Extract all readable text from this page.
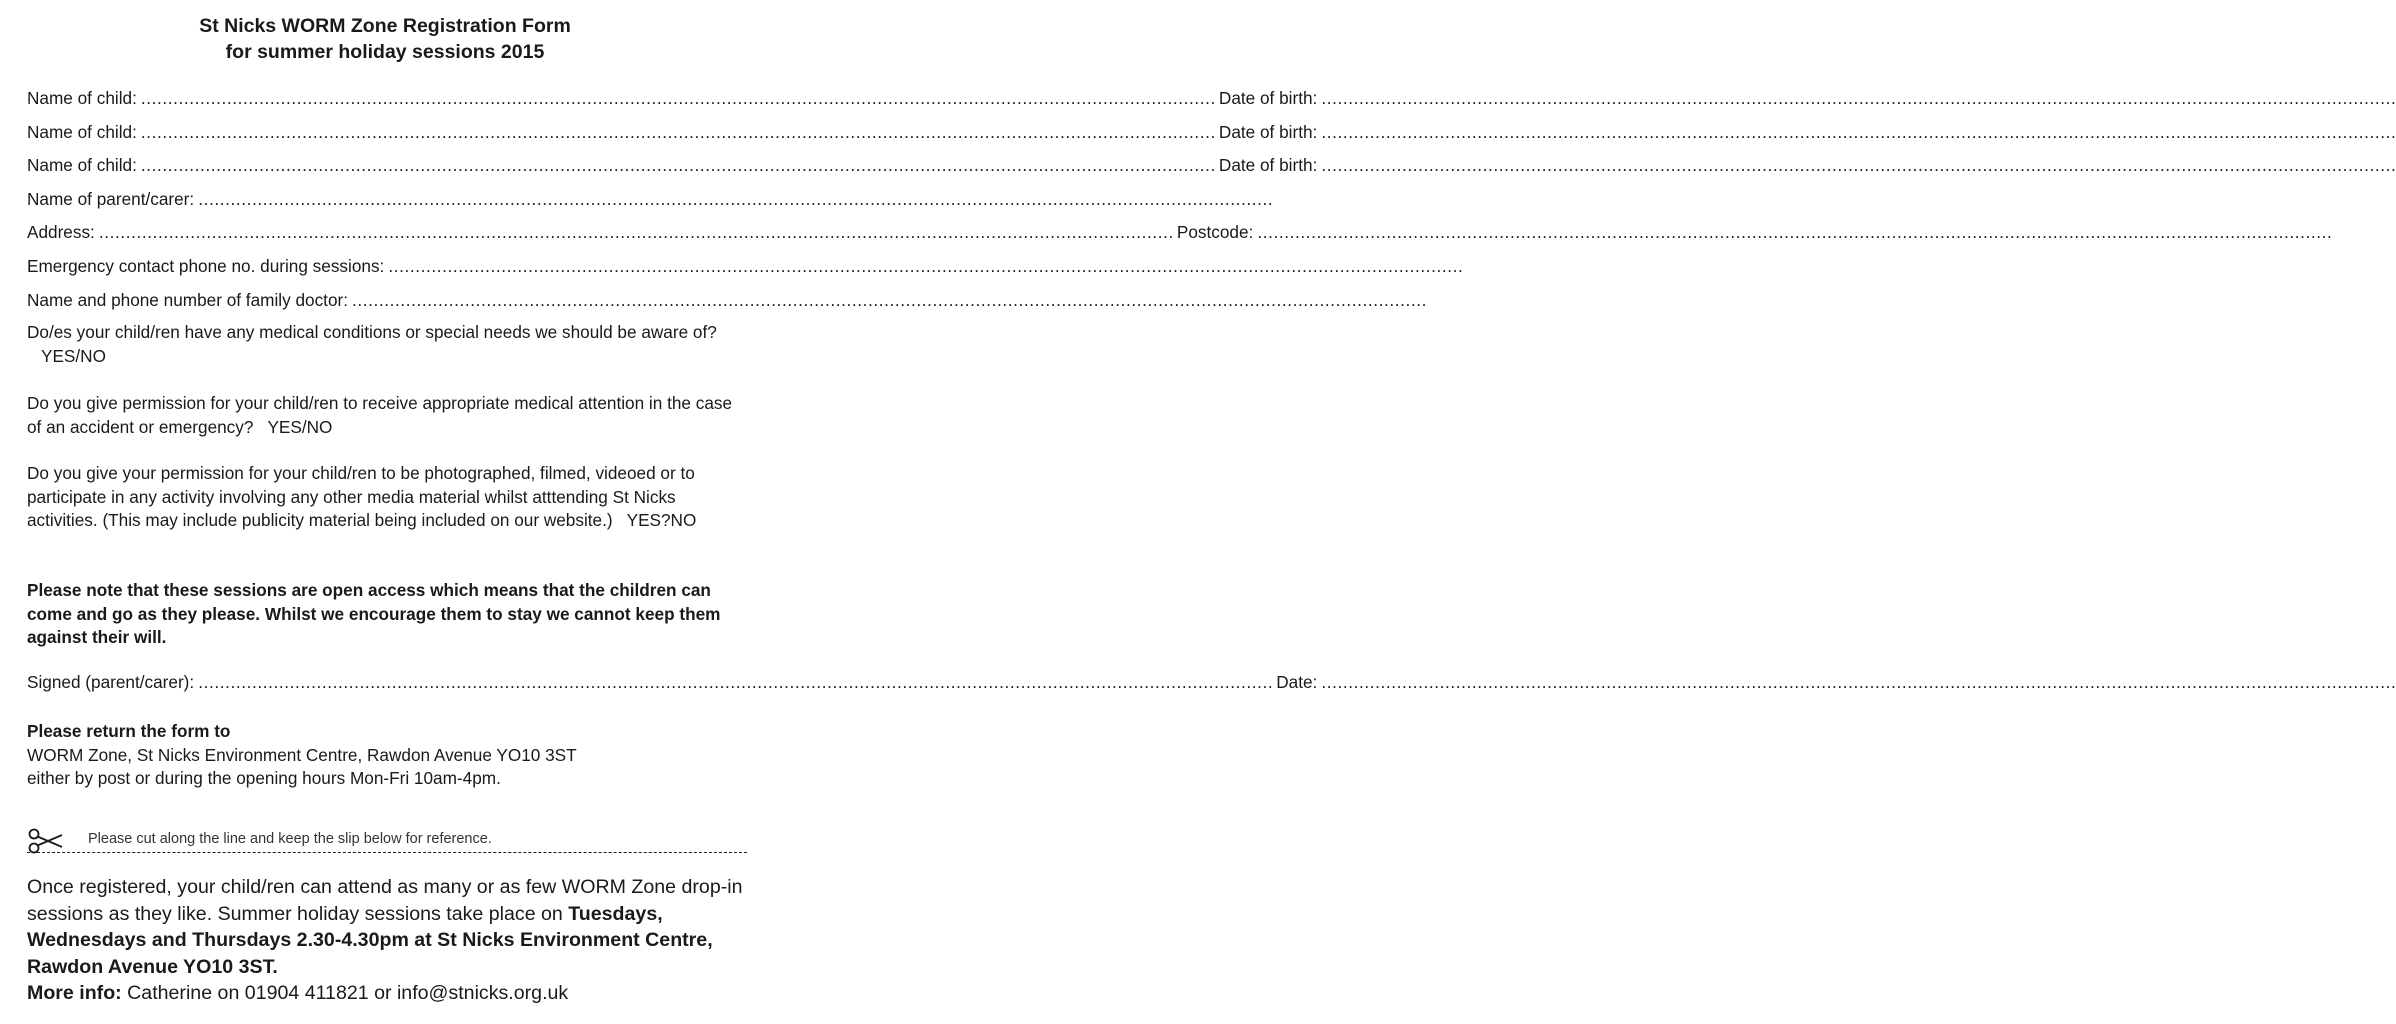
St Nicks WORM Zone Registration Form
for summer holiday sessions 2015
Name of child: ........................................................................................................................................................................................................ Date of birth: ........................................................................................................................................................................................................
Name of child: ........................................................................................................................................................................................................ Date of birth: ........................................................................................................................................................................................................
Name of child: ........................................................................................................................................................................................................ Date of birth: ........................................................................................................................................................................................................
Name of parent/carer: ........................................................................................................................................................................................................
Address: ........................................................................................................................................................................................................ Postcode: ........................................................................................................................................................................................................
Emergency contact phone no. during sessions: ........................................................................................................................................................................................................
Name and phone number of family doctor: ........................................................................................................................................................................................................
Do/es your child/ren have any medical conditions or special needs we should be aware of?YES/NO
Do you give permission for your child/ren to receive appropriate medical attention in the case of an accident or emergency? YES/NO
Do you give your permission for your child/ren to be photographed, filmed, videoed or to participate in any activity involving any other media material whilst atttending St Nicks activities. (This may include publicity material being included on our website.) YES?NO
Please note that these sessions are open access which means that the children can come and go as they please. Whilst we encourage them to stay we cannot keep them against their will.
Signed (parent/carer): ........................................................................................................................................................................................................ Date: ........................................................................................................................................................................................................
Please return the form to
WORM Zone, St Nicks Environment Centre, Rawdon Avenue YO10 3ST
either by post or during the opening hours Mon-Fri 10am-4pm.
Please cut along the line and keep the slip below for reference.
Once registered, your child/ren can attend as many or as few WORM Zone drop-in sessions as they like. Summer holiday sessions take place on Tuesdays, Wednesdays and Thursdays 2.30-4.30pm at St Nicks Environment Centre, Rawdon Avenue YO10 3ST.
More info: Catherine on 01904 411821 or info@stnicks.org.uk
